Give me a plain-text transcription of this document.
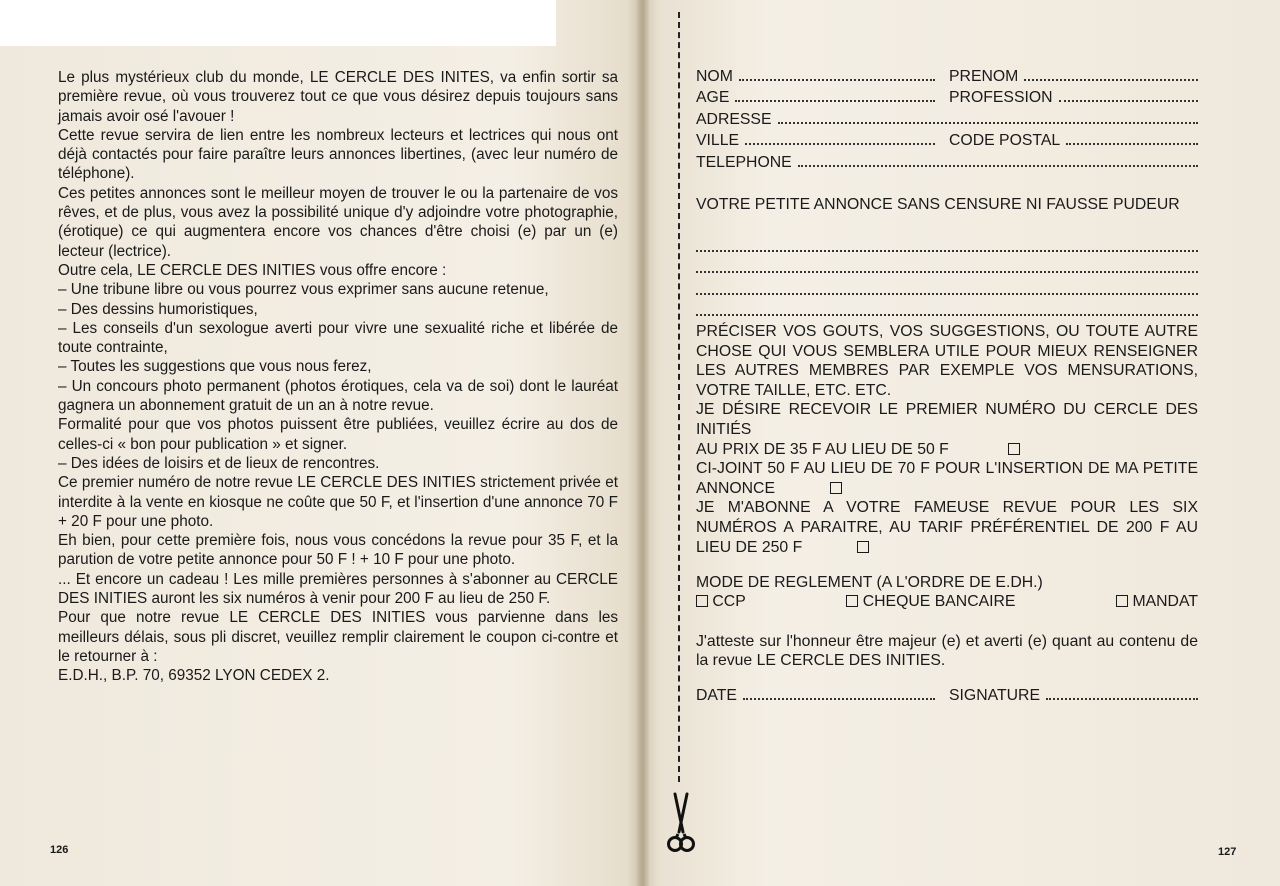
Le plus mystérieux club du monde, LE CERCLE DES INITES, va enfin sortir sa première revue, où vous trouverez tout ce que vous désirez depuis toujours sans jamais avoir osé l'avouer !

Cette revue servira de lien entre les nombreux lecteurs et lectrices qui nous ont déjà contactés pour faire paraître leurs annonces libertines, (avec leur numéro de téléphone).

Ces petites annonces sont le meilleur moyen de trouver le ou la partenaire de vos rêves, et de plus, vous avez la possibilité unique d'y adjoindre votre photographie, (érotique) ce qui augmentera encore vos chances d'être choisi (e) par un (e) lecteur (lectrice).

Outre cela, LE CERCLE DES INITIES vous offre encore :

– Une tribune libre ou vous pourrez vous exprimer sans aucune retenue,

– Des dessins humoristiques,

– Les conseils d'un sexologue averti pour vivre une sexualité riche et libérée de toute contrainte,

– Toutes les suggestions que vous nous ferez,

– Un concours photo permanent (photos érotiques, cela va de soi) dont le lauréat gagnera un abonnement gratuit de un an à notre revue.

Formalité pour que vos photos puissent être publiées, veuillez écrire au dos de celles-ci « bon pour publication » et signer.

– Des idées de loisirs et de lieux de rencontres.

Ce premier numéro de notre revue LE CERCLE DES INITIES strictement privée et interdite à la vente en kiosque ne coûte que 50 F, et l'insertion d'une annonce 70 F + 20 F pour une photo.

Eh bien, pour cette première fois, nous vous concédons la revue pour 35 F, et la parution de votre petite annonce pour 50 F ! + 10 F pour une photo.

... Et encore un cadeau ! Les mille premières personnes à s'abonner au CERCLE DES INITIES auront les six numéros à venir pour 200 F au lieu de 250 F.

Pour que notre revue LE CERCLE DES INITIES vous parvienne dans les meilleurs délais, sous pli discret, veuillez remplir clairement le coupon ci-contre et le retourner à :

E.D.H., B.P. 70, 69352 LYON CEDEX 2.

126
NOM	PRENOM
AGE	PROFESSION
ADRESSE
VILLE	CODE POSTAL
TELEPHONE
VOTRE PETITE ANNONCE SANS CENSURE NI FAUSSE PUDEUR
PRÉCISER VOS GOUTS, VOS SUGGESTIONS, OU TOUTE AUTRE CHOSE QUI VOUS SEMBLERA UTILE POUR MIEUX RENSEIGNER LES AUTRES MEMBRES PAR EXEMPLE VOS MENSURATIONS, VOTRE TAILLE, ETC. ETC.
JE DÉSIRE RECEVOIR LE PREMIER NUMÉRO DU CERCLE DES INITIÉS
AU PRIX DE 35 F AU LIEU DE 50 F
CI-JOINT 50 F AU LIEU DE 70 F POUR L'INSERTION DE MA PETITE ANNONCE
JE M'ABONNE A VOTRE FAMEUSE REVUE POUR LES SIX NUMÉROS A PARAITRE, AU TARIF PRÉFÉRENTIEL DE 200 F AU LIEU DE 250 F
MODE DE REGLEMENT (A L'ORDRE DE E.DH.)
CCP	CHEQUE BANCAIRE	MANDAT
J'atteste sur l'honneur être majeur (e) et averti (e) quant au contenu de la revue LE CERCLE DES INITIES.
DATE	SIGNATURE
127
